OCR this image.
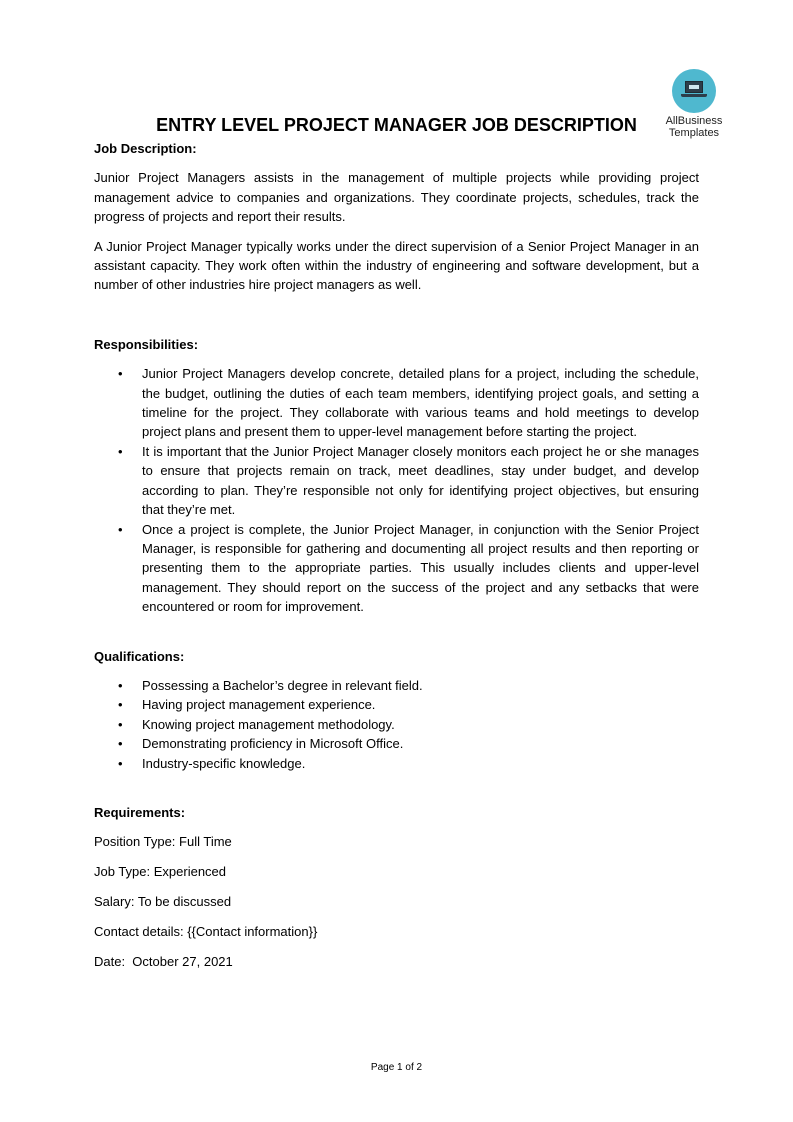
AllBusiness
Templates
ENTRY LEVEL PROJECT MANAGER JOB DESCRIPTION
Job Description:

Junior Project Managers assists in the management of multiple projects while providing project management advice to companies and organizations. They coordinate projects, schedules, track the progress of projects and report their results.

A Junior Project Manager typically works under the direct supervision of a Senior Project Manager in an assistant capacity. They work often within the industry of engineering and software development, but a number of other industries hire project managers as well.

Responsibilities:
• Junior Project Managers develop concrete, detailed plans for a project, including the schedule, the budget, outlining the duties of each team members, identifying project goals, and setting a timeline for the project. They collaborate with various teams and hold meetings to develop project plans and present them to upper-level management before starting the project.
• It is important that the Junior Project Manager closely monitors each project he or she manages to ensure that projects remain on track, meet deadlines, stay under budget, and develop according to plan. They’re responsible not only for identifying project objectives, but ensuring that they’re met.
• Once a project is complete, the Junior Project Manager, in conjunction with the Senior Project Manager, is responsible for gathering and documenting all project results and then reporting or presenting them to the appropriate parties. This usually includes clients and upper-level management. They should report on the success of the project and any setbacks that were encountered or room for improvement.
Qualifications:
• Possessing a Bachelor’s degree in relevant field.
• Having project management experience.
• Knowing project management methodology.
• Demonstrating proficiency in Microsoft Office.
• Industry-specific knowledge.
Requirements:
Position Type: Full Time
Job Type: Experienced
Salary: To be discussed
Contact details: {{Contact information}}
Date:  October 27, 2021
Page 1 of 2
